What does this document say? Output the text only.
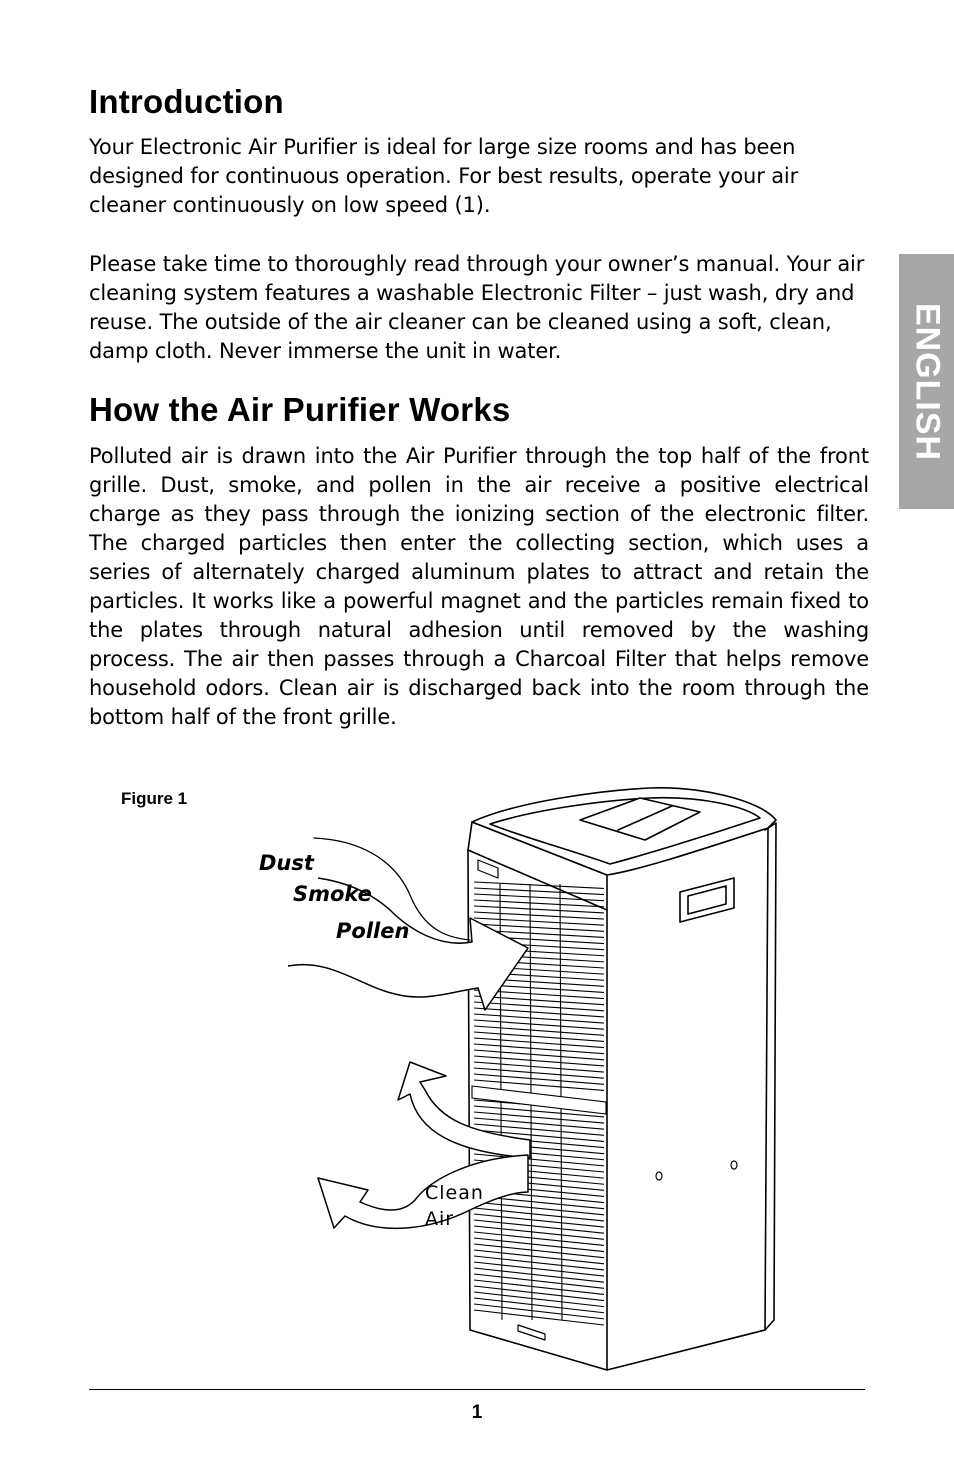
Introduction

Your Electronic Air Purifier is ideal for large size rooms and has been designed for continuous operation. For best results, operate your air cleaner continuously on low speed (1).

Please take time to thoroughly read through your owner’s manual. Your air cleaning system features a washable Electronic Filter – just wash, dry and reuse. The outside of the air cleaner can be cleaned using a soft, clean, damp cloth. Never immerse the unit in water.

How the Air Purifier Works

Polluted air is drawn into the Air Purifier through the top half of the front grille. Dust, smoke, and pollen in the air receive a positive electrical charge as they pass through the ionizing section of the electronic filter. The charged particles then enter the collecting section, which uses a series of alternately charged aluminum plates to attract and retain the particles. It works like a powerful magnet and the particles remain fixed to the plates through natural adhesion until removed by the washing process. The air then passes through a Charcoal Filter that helps remove household odors. Clean air is discharged back into the room through the bottom half of the front grille.

ENGLISH
Figure 1
Dust
Smoke
Pollen
Clean
Air
1
